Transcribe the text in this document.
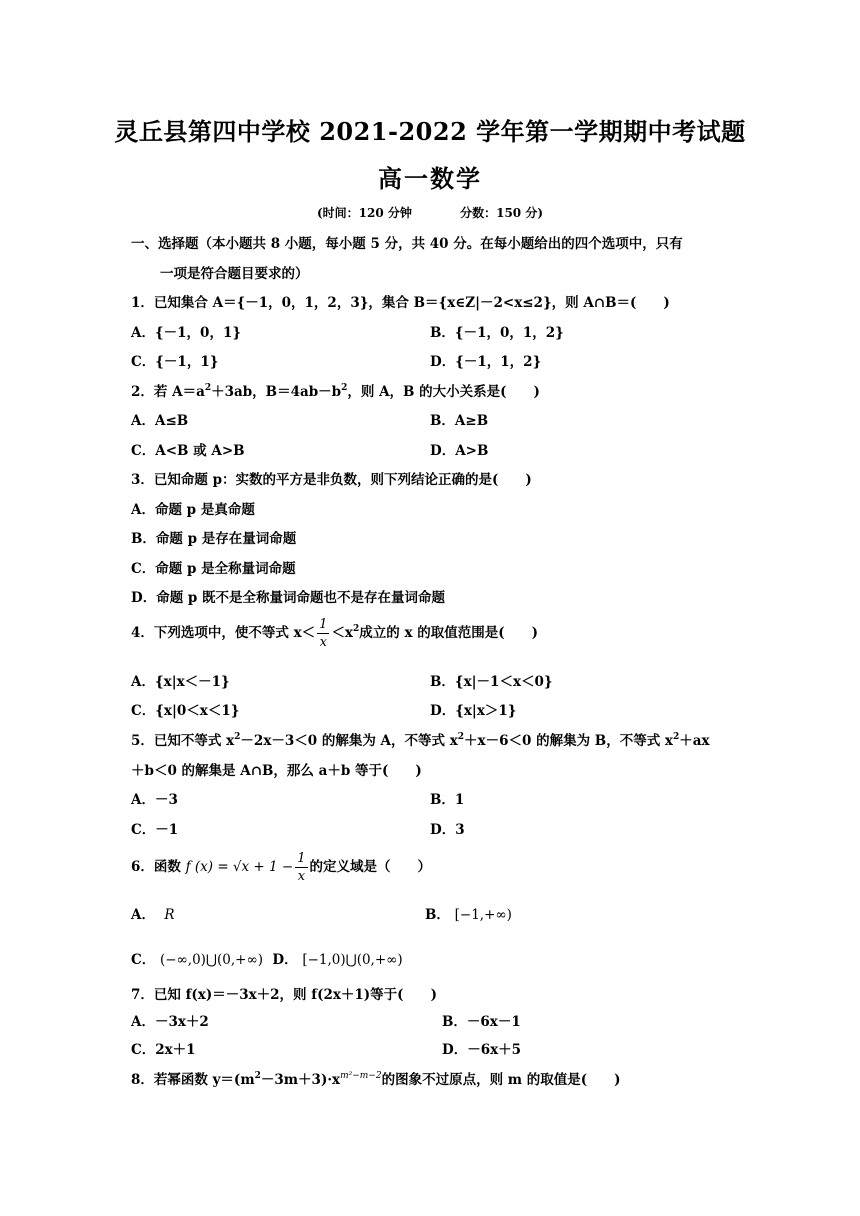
灵丘县第四中学校 2021-2022 学年第一学期期中考试题
高一数学
(时间：120 分钟	分数：150 分)
一、选择题（本小题共 8 小题，每小题 5 分，共 40 分。在每小题给出的四个选项中，只有
一项是符合题目要求的）
1．已知集合 A＝{－1，0，1，2，3}，集合 B＝{x∈Z|－2<x≤2}，则 A∩B＝(　　)
A．{－1，0，1}	B．{－1，0，1，2}
C．{－1，1}	D．{－1，1，2}
2．若 $A=a^2+3ab$，$B=4ab-b^2$，则 A，B 的大小关系是(　　)
A．A≤B	B．A≥B
C．A<B 或 A>B	D．A>B
3．已知命题 p：实数的平方是非负数，则下列结论正确的是(　　)
A．命题 p 是真命题
B．命题 p 是存在量词命题
C．命题 p 是全称量词命题
D．命题 p 既不是全称量词命题也不是存在量词命题
4．下列选项中，使不等式 $x< \frac{1}{x} <x^2$成立的 x 的取值范围是(　　)
A．{x|x＜－1}	B．{x|－1＜x＜0}
C．{x|0＜x＜1}	D．{x|x＞1}
5．已知不等式 $x^2-2x-3<0$ 的解集为 A，不等式 $x^2+x-6<0$ 的解集为 B，不等式 $x^2+ax$
＋b＜0 的解集是 A∩B，那么 a＋b 等于(　　)
A．－3	B．1
C．－1	D．3
6．函数 f $(x) = √x + 1 - \frac{1}{x}$ 的定义域是（　　）
A． R	B． [−1,+∞)
C． (−∞,0)⋃(0,+∞) D． [−1,0)⋃(0,+∞)
7．已知 f(x)＝－3x＋2，则 f(2x＋1)等于(　　)
A．－3x＋2	B．－6x－1
C．2x＋1	D．－6x＋5
8．若幂函数 $y=(m^2-3m+3)\cdot x^{m^2-m-2}$的图象不过原点，则 m 的取值是(　　)
